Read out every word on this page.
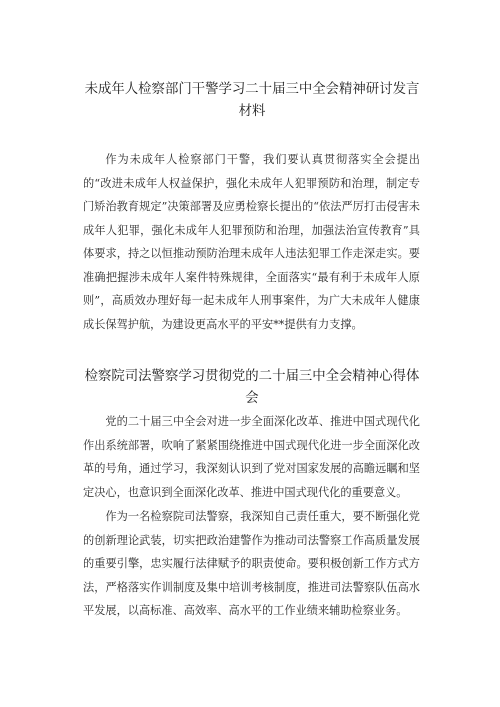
未成年人检察部门干警学习二十届三中全会精神研讨发言材料

作为未成年人检察部门干警，我们要认真贯彻落实全会提出的“改进未成年人权益保护，强化未成年人犯罪预防和治理，制定专门矫治教育规定”决策部署及应勇检察长提出的“依法严厉打击侵害未成年人犯罪，强化未成年人犯罪预防和治理，加强法治宣传教育”具体要求，持之以恒推动预防治理未成年人违法犯罪工作走深走实。要准确把握涉未成年人案件特殊规律，全面落实“最有利于未成年人原则”，高质效办理好每一起未成年人刑事案件，为广大未成年人健康成长保驾护航，为建设更高水平的平安**提供有力支撑。

检察院司法警察学习贯彻党的二十届三中全会精神心得体会

党的二十届三中全会对进一步全面深化改革、推进中国式现代化作出系统部署，吹响了紧紧围绕推进中国式现代化进一步全面深化改革的号角，通过学习，我深刻认识到了党对国家发展的高瞻远瞩和坚定决心，也意识到全面深化改革、推进中国式现代化的重要意义。

作为一名检察院司法警察，我深知自己责任重大，要不断强化党的创新理论武装，切实把政治建警作为推动司法警察工作高质量发展的重要引擎，忠实履行法律赋予的职责使命。要积极创新工作方式方法，严格落实作训制度及集中培训考核制度，推进司法警察队伍高水平发展，以高标准、高效率、高水平的工作业绩来辅助检察业务。
